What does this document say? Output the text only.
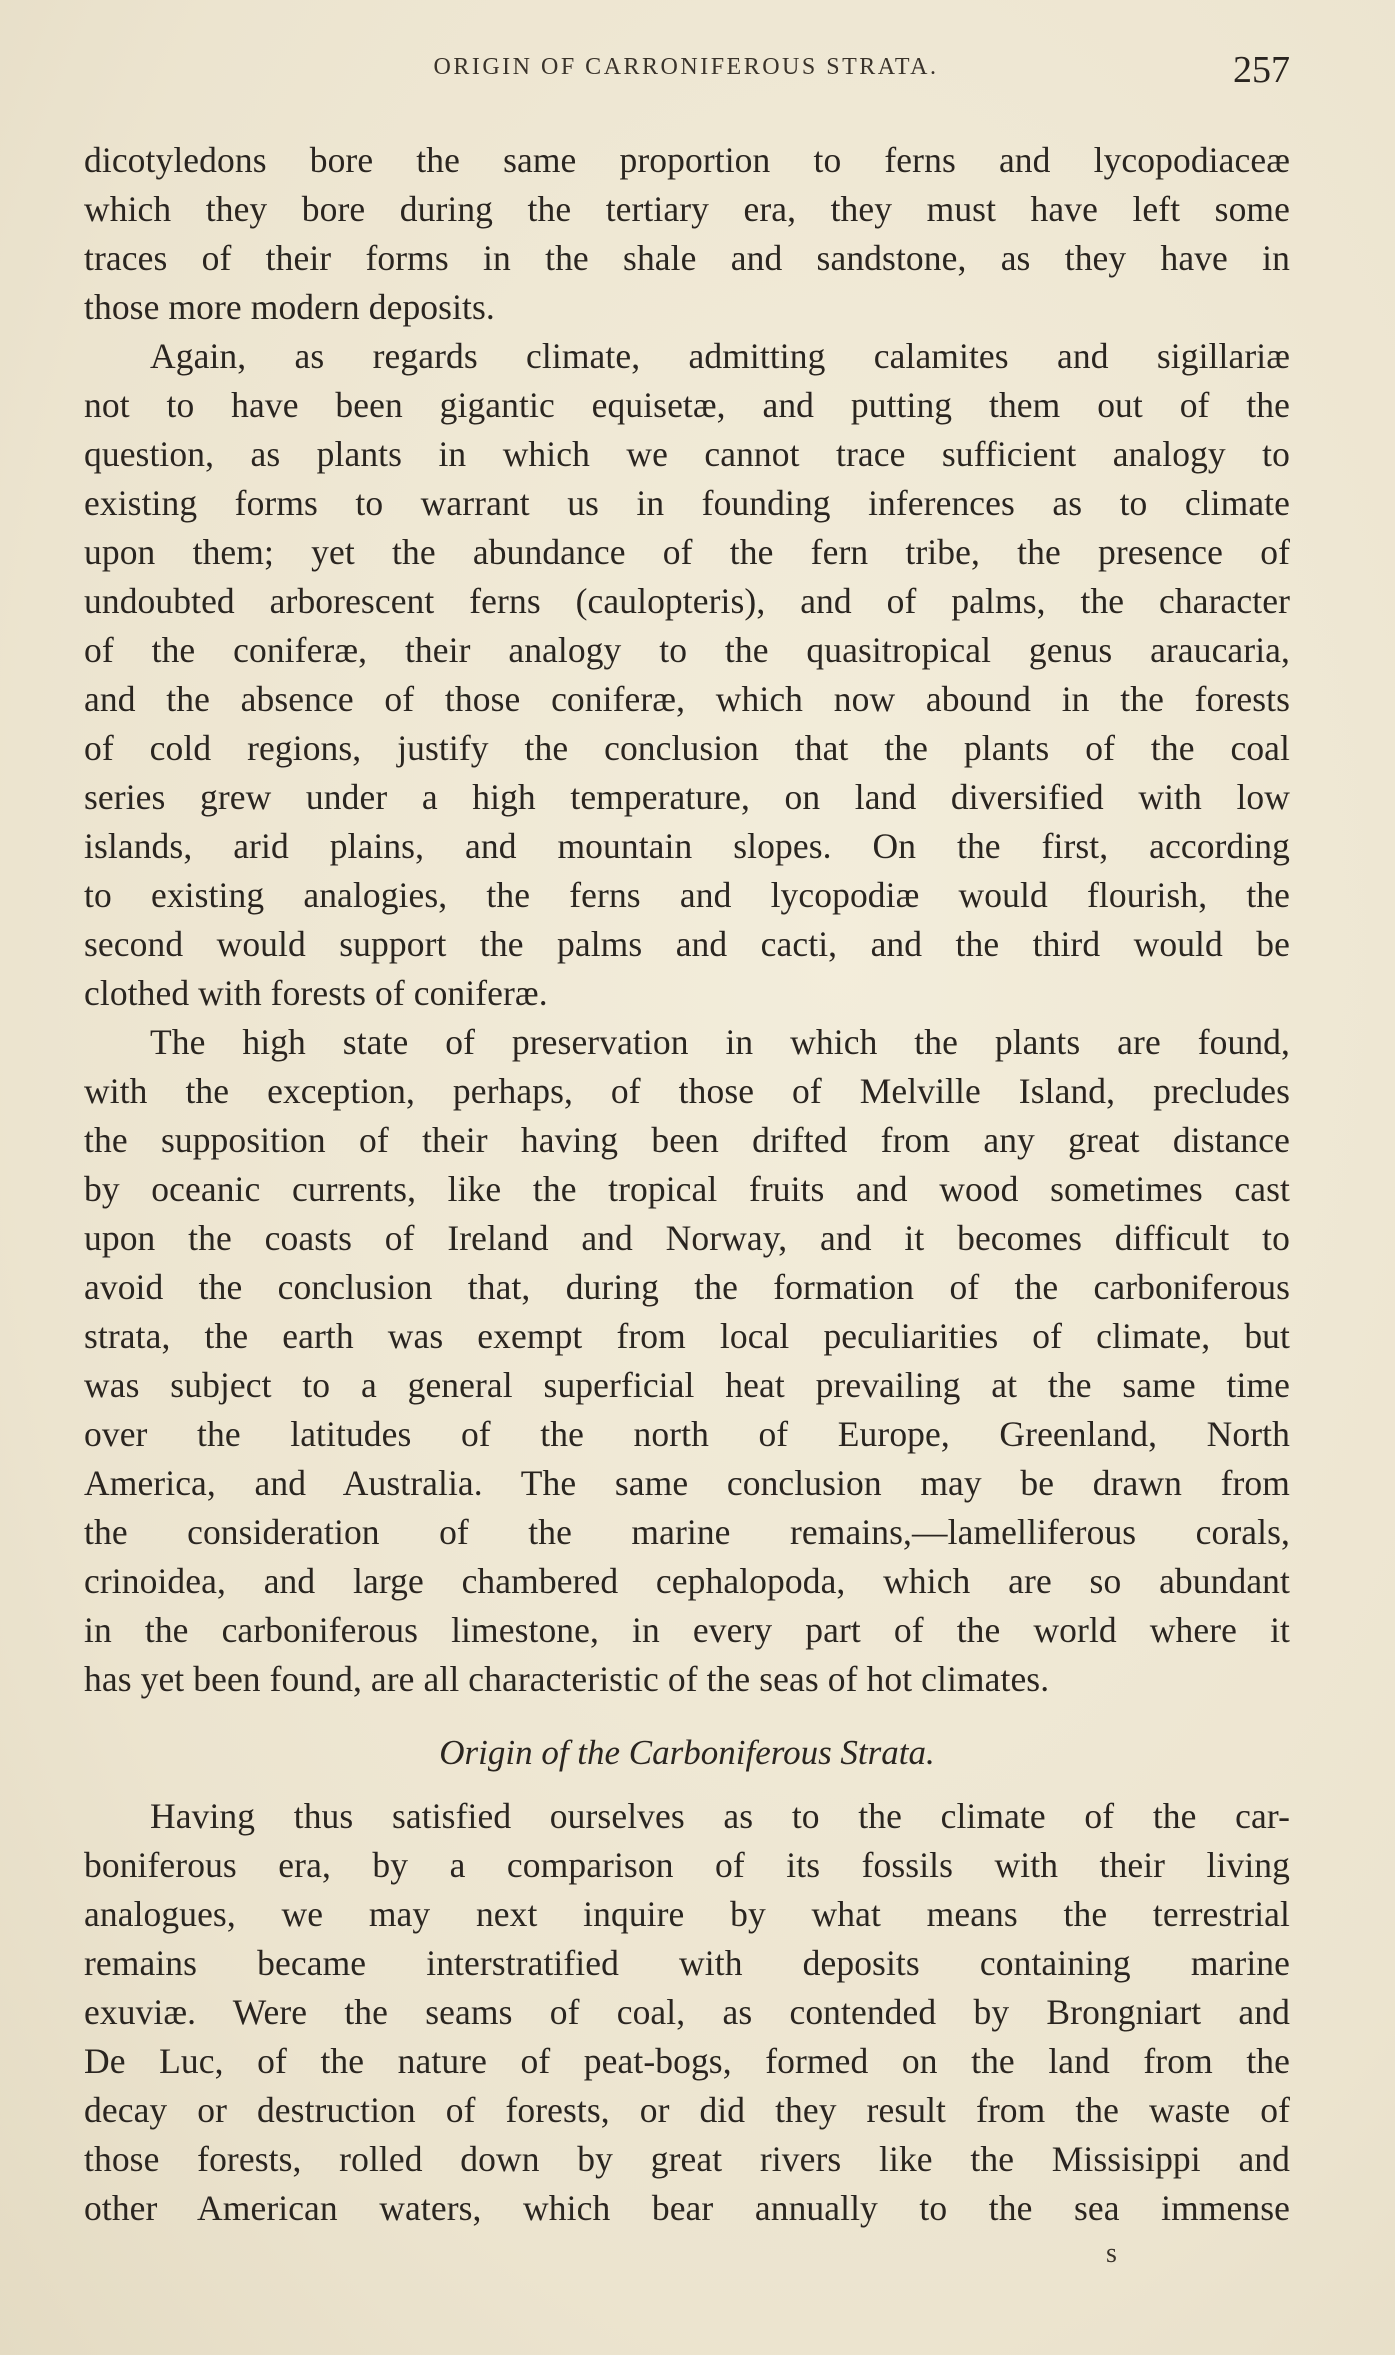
ORIGIN OF CARRONIFEROUS STRATA.	257
dicotyledons bore the same proportion to ferns and lycopodiaceæ
which they bore during the tertiary era, they must have left some
traces of their forms in the shale and sandstone, as they have in
those more modern deposits.
Again, as regards climate, admitting calamites and sigillariæ
not to have been gigantic equisetæ, and putting them out of the
question, as plants in which we cannot trace sufficient analogy to
existing forms to warrant us in founding inferences as to climate
upon them; yet the abundance of the fern tribe, the presence of
undoubted arborescent ferns (caulopteris), and of palms, the character
of the coniferæ, their analogy to the quasitropical genus araucaria,
and the absence of those coniferæ, which now abound in the forests
of cold regions, justify the conclusion that the plants of the coal
series grew under a high temperature, on land diversified with low
islands, arid plains, and mountain slopes. On the first, according
to existing analogies, the ferns and lycopodiæ would flourish, the
second would support the palms and cacti, and the third would be
clothed with forests of coniferæ.
The high state of preservation in which the plants are found,
with the exception, perhaps, of those of Melville Island, precludes
the supposition of their having been drifted from any great distance
by oceanic currents, like the tropical fruits and wood sometimes cast
upon the coasts of Ireland and Norway, and it becomes difficult to
avoid the conclusion that, during the formation of the carboniferous
strata, the earth was exempt from local peculiarities of climate, but
was subject to a general superficial heat prevailing at the same time
over the latitudes of the north of Europe, Greenland, North
America, and Australia. The same conclusion may be drawn from
the consideration of the marine remains,—lamelliferous corals,
crinoidea, and large chambered cephalopoda, which are so abundant
in the carboniferous limestone, in every part of the world where it
has yet been found, are all characteristic of the seas of hot climates.
Origin of the Carboniferous Strata.
Having thus satisfied ourselves as to the climate of the car-
boniferous era, by a comparison of its fossils with their living
analogues, we may next inquire by what means the terrestrial
remains became interstratified with deposits containing marine
exuviæ. Were the seams of coal, as contended by Brongniart and
De Luc, of the nature of peat-bogs, formed on the land from the
decay or destruction of forests, or did they result from the waste of
those forests, rolled down by great rivers like the Missisippi and
other American waters, which bear annually to the sea immense
s
